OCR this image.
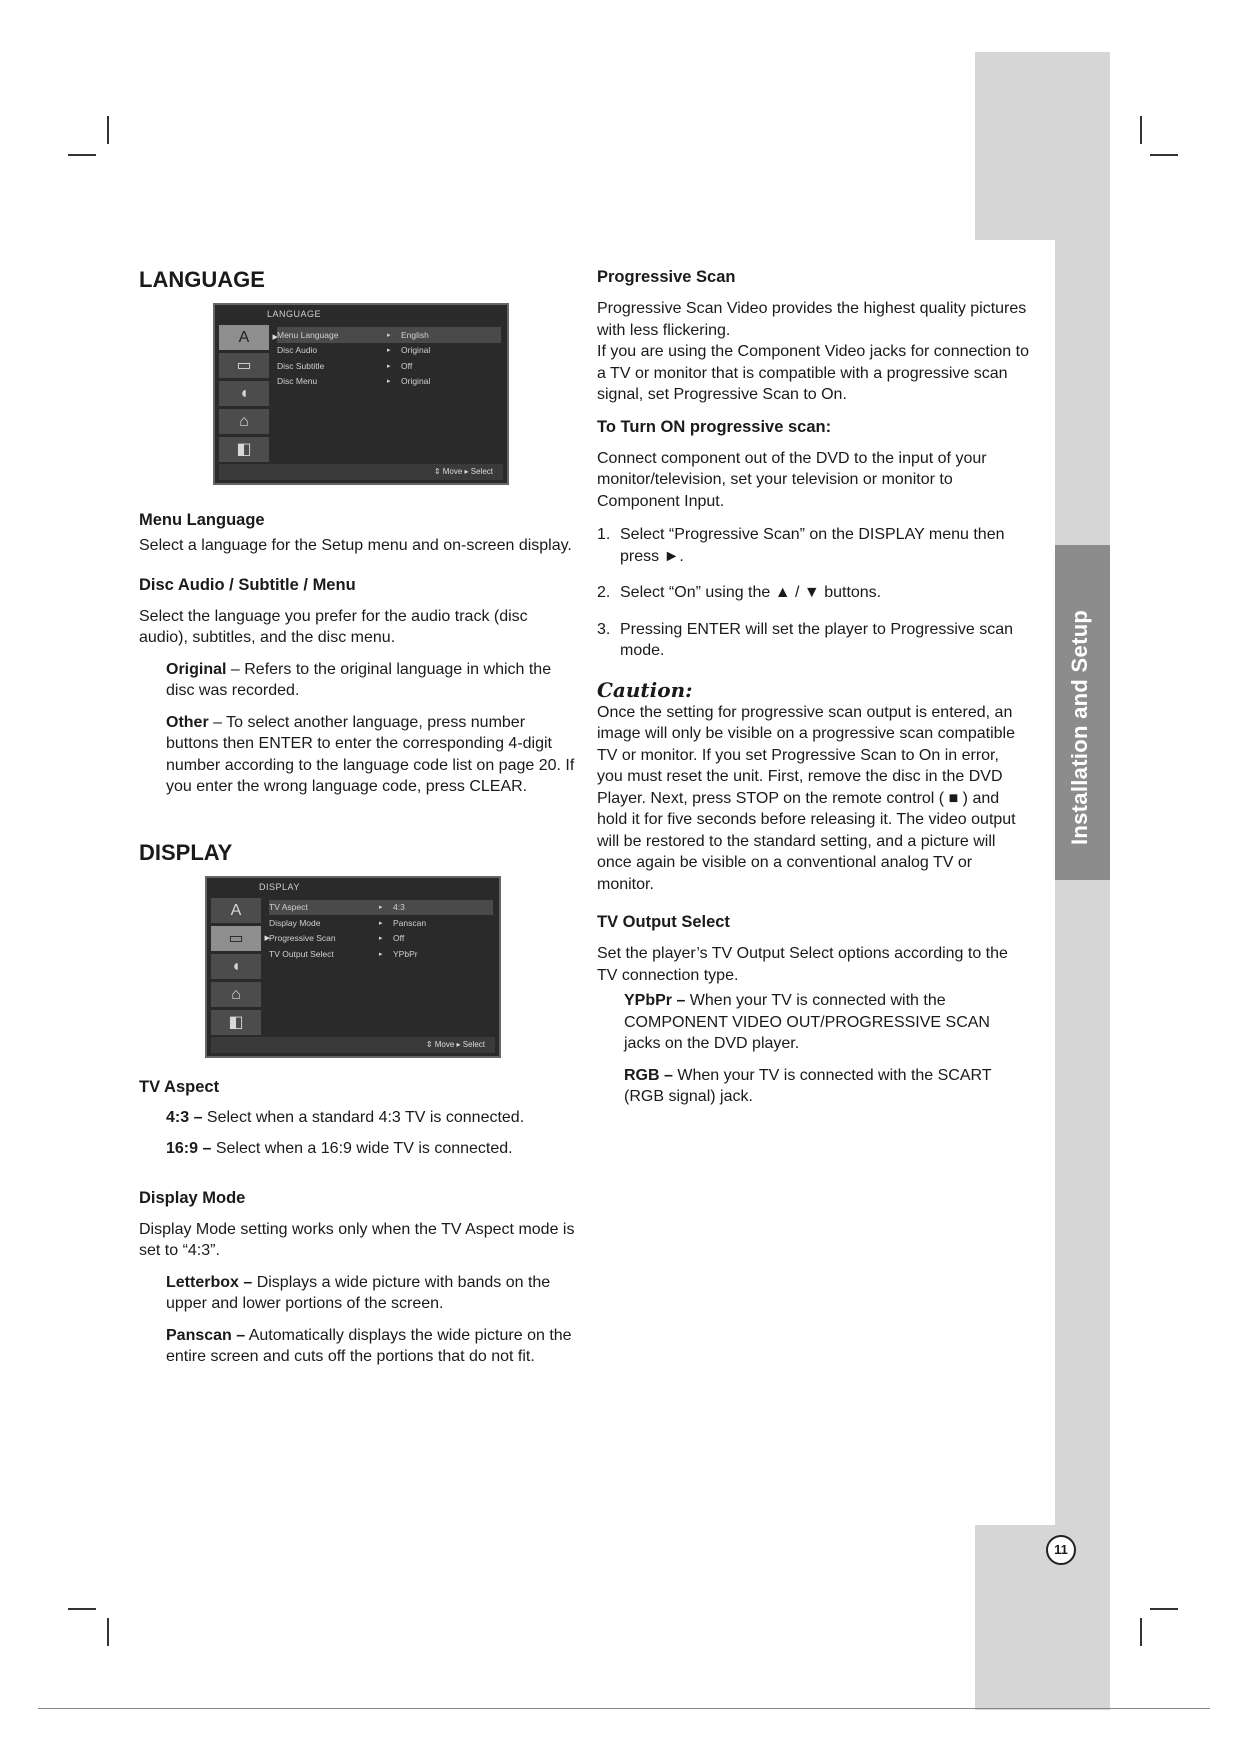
Installation and Setup
11
LANGUAGE
LANGUAGE
A ▸
▭
◖
⌂
◧
Menu Language	▸	English
Disc Audio	▸	Original
Disc Subtitle	▸	Off
Disc Menu	▸	Original
⇕ Move ▸ Select
Menu Language

Select a language for the Setup menu and on-screen display.

Disc Audio / Subtitle / Menu

Select the language you prefer for the audio track (disc audio), subtitles, and the disc menu.

Original – Refers to the original language in which the disc was recorded.

Other – To select another language, press number buttons then ENTER to enter the corresponding 4-digit number according to the language code list on page 20. If you enter the wrong language code, press CLEAR.

DISPLAY
DISPLAY
A
▭ ▸
◖
⌂
◧
TV Aspect	▸	4:3
Display Mode	▸	Panscan
Progressive Scan	▸	Off
TV Output Select	▸	YPbPr
⇕ Move ▸ Select
TV Aspect

4:3 – Select when a standard 4:3 TV is connected.

16:9 – Select when a 16:9 wide TV is connected.

Display Mode

Display Mode setting works only when the TV Aspect mode is set to “4:3”.

Letterbox – Displays a wide picture with bands on the upper and lower portions of the screen.

Panscan – Automatically displays the wide picture on the entire screen and cuts off the portions that do not fit.

Progressive Scan

Progressive Scan Video provides the highest quality pictures with less flickering.

If you are using the Component Video jacks for connection to a TV or monitor that is compatible with a progressive scan signal, set Progressive Scan to On.

To Turn ON progressive scan:

Connect component out of the DVD to the input of your monitor/television, set your television or monitor to Component Input.

1. Select “Progressive Scan” on the DISPLAY menu then press ►.
2. Select “On” using the ▲ / ▼ buttons.
3. Pressing ENTER will set the player to Progressive scan mode.
Caution:

Once the setting for progressive scan output is entered, an image will only be visible on a progressive scan compatible TV or monitor. If you set Progressive Scan to On in error, you must reset the unit. First, remove the disc in the DVD Player. Next, press STOP on the remote control ( ■ ) and hold it for five seconds before releasing it. The video output will be restored to the standard setting, and a picture will once again be visible on a conventional analog TV or monitor.

TV Output Select

Set the player’s TV Output Select options according to the TV connection type.

YPbPr – When your TV is connected with the COMPONENT VIDEO OUT/PROGRESSIVE SCAN jacks on the DVD player.

RGB – When your TV is connected with the SCART (RGB signal) jack.
